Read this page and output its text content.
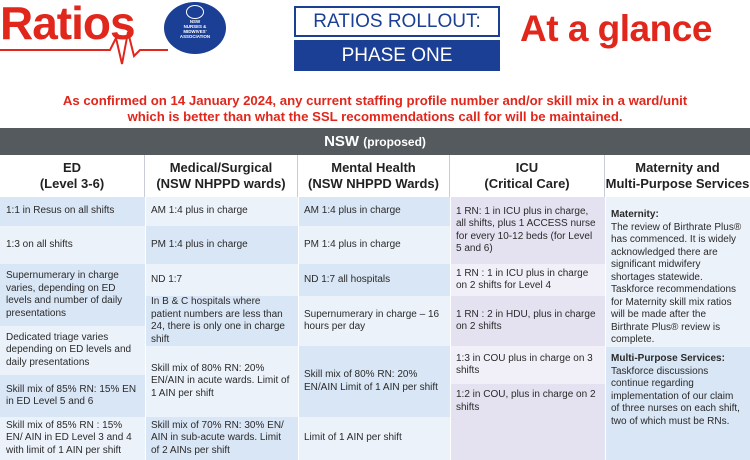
Ratios	NSW
NURSES &
MIDWIVES'
ASSOCIATION
RATIOS ROLLOUT:
PHASE ONE
At a glance
As confirmed on 14 January 2024, any current staffing profile number and/or skill mix in a ward/unit
which is better than what the SSL recommendations call for will be maintained.
NSW (proposed)
ED
(Level 3-6)
Medical/Surgical
(NSW NHPPD wards)
Mental Health
(NSW NHPPD Wards)
ICU
(Critical Care)
Maternity and
Multi-Purpose Services
1:1 in Resus on all shifts
1:3 on all shifts
Supernumerary in charge varies, depending on ED levels and number of daily presentations
Dedicated triage varies depending on ED levels and daily presentations
Skill mix of 85% RN: 15% EN in ED Level 5 and 6
Skill mix of 85% RN : 15% EN/ AIN in ED Level 3 and 4 with limit of 1 AIN per shift
AM 1:4 plus in charge
PM 1:4 plus in charge
ND 1:7
In B & C hospitals where patient numbers are less than 24, there is only one in charge shift
Skill mix of 80% RN: 20% EN/AIN in acute wards. Limit of 1 AIN per shift
Skill mix of 70% RN: 30% EN/ AIN in sub-acute wards. Limit of 2 AINs per shift
AM 1:4 plus in charge
PM 1:4 plus in charge
ND 1:7 all hospitals
Supernumerary in charge – 16 hours per day
Skill mix of 80% RN: 20% EN/AIN Limit of 1 AIN per shift
Limit of 1 AIN per shift
1 RN: 1 in ICU plus in charge, all shifts, plus 1 ACCESS nurse for every 10-12 beds (for Level 5 and 6)
1 RN : 1 in ICU plus in charge on 2 shifts for Level 4
1 RN : 2 in HDU, plus in charge on 2 shifts
1:3 in COU plus in charge on 3 shifts
1:2 in COU, plus in charge on 2 shifts
Maternity:
The review of Birthrate Plus® has commenced. It is widely acknowledged there are significant midwifery shortages statewide. Taskforce recommendations for Maternity skill mix ratios will be made after the Birthrate Plus® review is complete.
Multi-Purpose Services:
Taskforce discussions continue regarding implementation of our claim of three nurses on each shift, two of which must be RNs.
